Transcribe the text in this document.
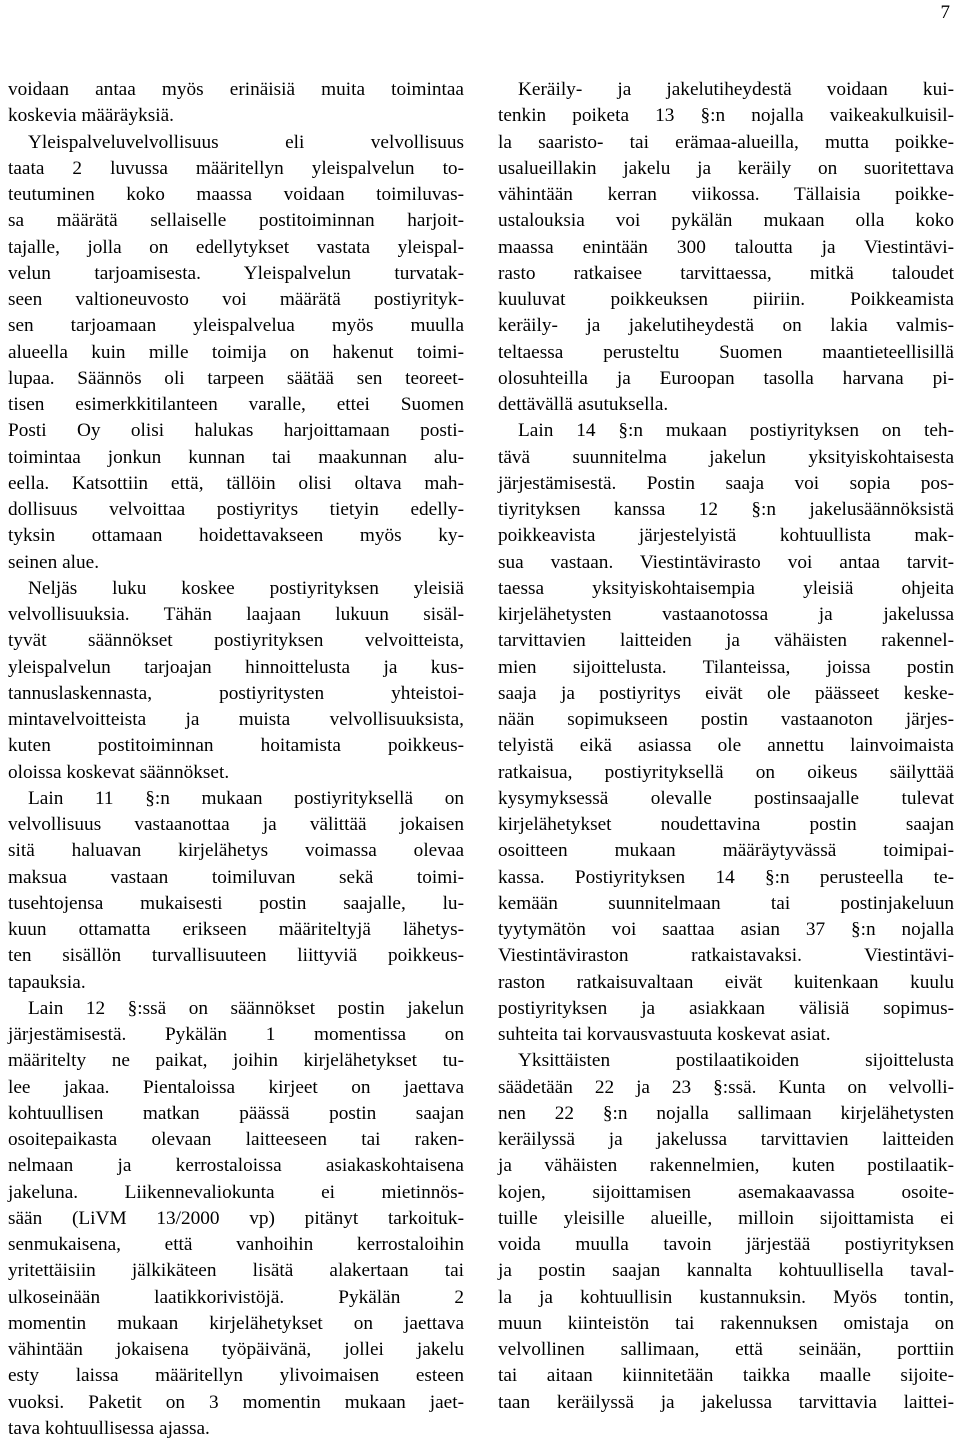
7
voidaan antaa myös erinäisiä muita toimintaa
koskevia määräyksiä.
Yleispalveluvelvollisuus eli velvollisuus
taata 2 luvussa määritellyn yleispalvelun to-
teutuminen koko maassa voidaan toimiluvas-
sa määrätä sellaiselle postitoiminnan harjoit-
tajalle, jolla on edellytykset vastata yleispal-
velun tarjoamisesta. Yleispalvelun turvatak-
seen valtioneuvosto voi määrätä postiyrityk-
sen tarjoamaan yleispalvelua myös muulla
alueella kuin mille toimija on hakenut toimi-
lupaa. Säännös oli tarpeen säätää sen teoreet-
tisen esimerkkitilanteen varalle, ettei Suomen
Posti Oy olisi halukas harjoittamaan posti-
toimintaa jonkun kunnan tai maakunnan alu-
eella. Katsottiin että, tällöin olisi oltava mah-
dollisuus velvoittaa postiyritys tietyin edelly-
tyksin ottamaan hoidettavakseen myös ky-
seinen alue.
Neljäs luku koskee postiyrityksen yleisiä
velvollisuuksia. Tähän laajaan lukuun sisäl-
tyvät säännökset postiyrityksen velvoitteista,
yleispalvelun tarjoajan hinnoittelusta ja kus-
tannuslaskennasta, postiyritysten yhteistoi-
mintavelvoitteista ja muista velvollisuuksista,
kuten postitoiminnan hoitamista poikkeus-
oloissa koskevat säännökset.
Lain 11 §:n mukaan postiyrityksellä on
velvollisuus vastaanottaa ja välittää jokaisen
sitä haluavan kirjelähetys voimassa olevaa
maksua vastaan toimiluvan sekä toimi-
tusehtojensa mukaisesti postin saajalle, lu-
kuun ottamatta erikseen määriteltyjä lähetys-
ten sisällön turvallisuuteen liittyviä poikkeus-
tapauksia.
Lain 12 §:ssä on säännökset postin jakelun
järjestämisestä. Pykälän 1 momentissa on
määritelty ne paikat, joihin kirjelähetykset tu-
lee jakaa. Pientaloissa kirjeet on jaettava
kohtuullisen matkan päässä postin saajan
osoitepaikasta olevaan laitteeseen tai raken-
nelmaan ja kerrostaloissa asiakaskohtaisena
jakeluna. Liikennevaliokunta ei mietinnös-
sään (LiVM 13/2000 vp) pitänyt tarkoituk-
senmukaisena, että vanhoihin kerrostaloihin
yritettäisiin jälkikäteen lisätä alakertaan tai
ulkoseinään laatikkorivistöjä. Pykälän 2
momentin mukaan kirjelähetykset on jaettava
vähintään jokaisena työpäivänä, jollei jakelu
esty laissa määritellyn ylivoimaisen esteen
vuoksi. Paketit on 3 momentin mukaan jaet-
tava kohtuullisessa ajassa.
Keräily- ja jakelutiheydestä voidaan kui-
tenkin poiketa 13 §:n nojalla vaikeakulkuisil-
la saaristo- tai erämaa-alueilla, mutta poikke-
usalueillakin jakelu ja keräily on suoritettava
vähintään kerran viikossa. Tällaisia poikke-
ustalouksia voi pykälän mukaan olla koko
maassa enintään 300 taloutta ja Viestintävi-
rasto ratkaisee tarvittaessa, mitkä taloudet
kuuluvat poikkeuksen piiriin. Poikkeamista
keräily- ja jakelutiheydestä on lakia valmis-
teltaessa perusteltu Suomen maantieteellisillä
olosuhteilla ja Euroopan tasolla harvana pi-
dettävällä asutuksella.
Lain 14 §:n mukaan postiyrityksen on teh-
tävä suunnitelma jakelun yksityiskohtaisesta
järjestämisestä. Postin saaja voi sopia pos-
tiyrityksen kanssa 12 §:n jakelusäännöksistä
poikkeavista järjestelyistä kohtuullista mak-
sua vastaan. Viestintävirasto voi antaa tarvit-
taessa yksityiskohtaisempia yleisiä ohjeita
kirjelähetysten vastaanotossa ja jakelussa
tarvittavien laitteiden ja vähäisten rakennel-
mien sijoittelusta. Tilanteissa, joissa postin
saaja ja postiyritys eivät ole päässeet keske-
nään sopimukseen postin vastaanoton järjes-
telyistä eikä asiassa ole annettu lainvoimaista
ratkaisua, postiyrityksellä on oikeus säilyttää
kysymyksessä olevalle postinsaajalle tulevat
kirjelähetykset noudettavina postin saajan
osoitteen mukaan määräytyvässä toimipai-
kassa. Postiyrityksen 14 §:n perusteella te-
kemään suunnitelmaan tai postinjakeluun
tyytymätön voi saattaa asian 37 §:n nojalla
Viestintäviraston ratkaistavaksi. Viestintävi-
raston ratkaisuvaltaan eivät kuitenkaan kuulu
postiyrityksen ja asiakkaan välisiä sopimus-
suhteita tai korvausvastuuta koskevat asiat.
Yksittäisten postilaatikoiden sijoittelusta
säädetään 22 ja 23 §:ssä. Kunta on velvolli-
nen 22 §:n nojalla sallimaan kirjelähetysten
keräilyssä ja jakelussa tarvittavien laitteiden
ja vähäisten rakennelmien, kuten postilaatik-
kojen, sijoittamisen asemakaavassa osoite-
tuille yleisille alueille, milloin sijoittamista ei
voida muulla tavoin järjestää postiyrityksen
ja postin saajan kannalta kohtuullisella taval-
la ja kohtuullisin kustannuksin. Myös tontin,
muun kiinteistön tai rakennuksen omistaja on
velvollinen sallimaan, että seinään, porttiin
tai aitaan kiinnitetään taikka maalle sijoite-
taan keräilyssä ja jakelussa tarvittavia laittei-
